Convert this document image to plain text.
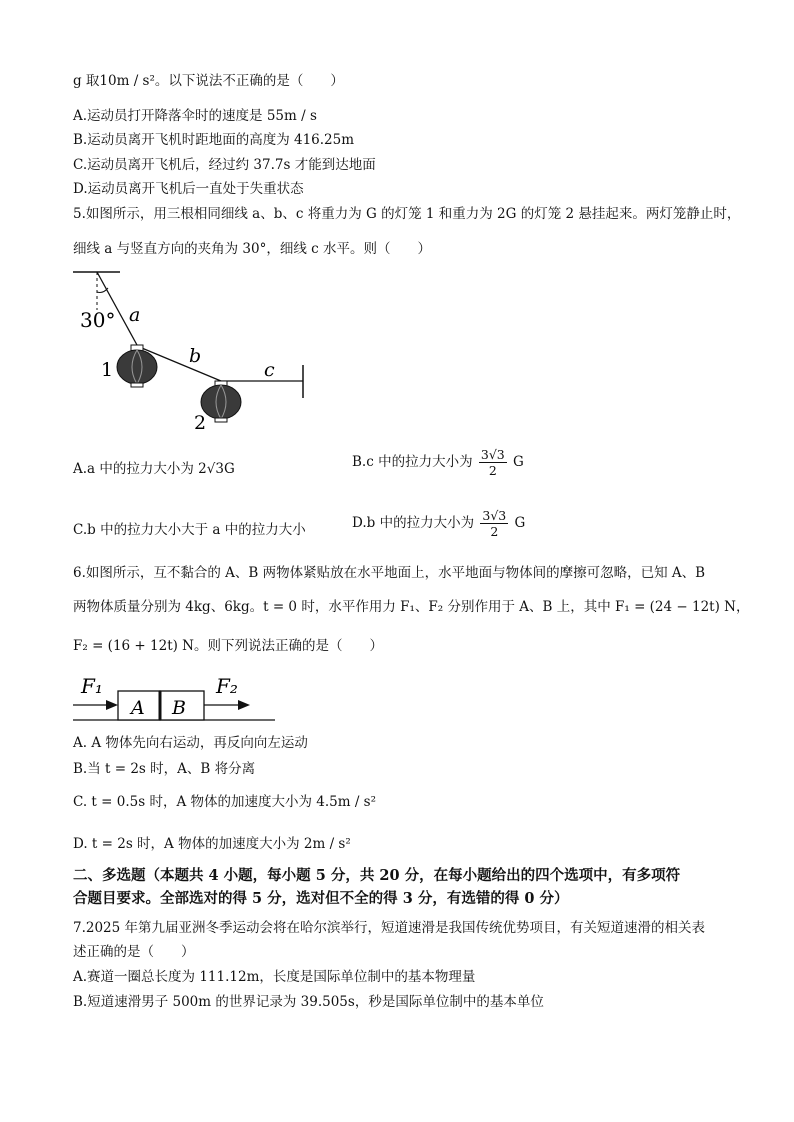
g 取10m / s²。以下说法不正确的是（　　）
A.运动员打开降落伞时的速度是 55m / s
B.运动员离开飞机时距地面的高度为 416.25m
C.运动员离开飞机后，经过约 37.7s 才能到达地面
D.运动员离开飞机后一直处于失重状态
5.如图所示，用三根相同细线 a、b、c 将重力为 G 的灯笼 1 和重力为 2G 的灯笼 2 悬挂起来。两灯笼静止时，
细线 a 与竖直方向的夹角为 30°，细线 c 水平。则（　　）
30° a
b
c
1
2
A.a 中的拉力大小为 2√3G	B.c 中的拉力大小为 $\frac{3√3}{2}$ G
C.b 中的拉力大小大于 a 中的拉力大小	D.b 中的拉力大小为 $\frac{3√3}{2}$ G
6.如图所示，互不黏合的 A、B 两物体紧贴放在水平地面上，水平地面与物体间的摩擦可忽略，已知 A、B
两物体质量分别为 4kg、6kg。t = 0 时，水平作用力 F₁、F₂ 分别作用于 A、B 上，其中 F₁ = (24 − 12t) N，
F₂ = (16 + 12t) N。则下列说法正确的是（　　）
F₁	F₂
A B
A. A 物体先向右运动，再反向向左运动
B.当 t = 2s 时，A、B 将分离
C. t = 0.5s 时，A 物体的加速度大小为 4.5m / s²
D. t = 2s 时，A 物体的加速度大小为 2m / s²
二、多选题（本题共 4 小题，每小题 5 分，共 20 分，在每小题给出的四个选项中，有多项符
合题目要求。全部选对的得 5 分，选对但不全的得 3 分，有选错的得 0 分）
7.2025 年第九届亚洲冬季运动会将在哈尔滨举行，短道速滑是我国传统优势项目，有关短道速滑的相关表
述正确的是（　　）
A.赛道一圈总长度为 111.12m，长度是国际单位制中的基本物理量
B.短道速滑男子 500m 的世界记录为 39.505s，秒是国际单位制中的基本单位
